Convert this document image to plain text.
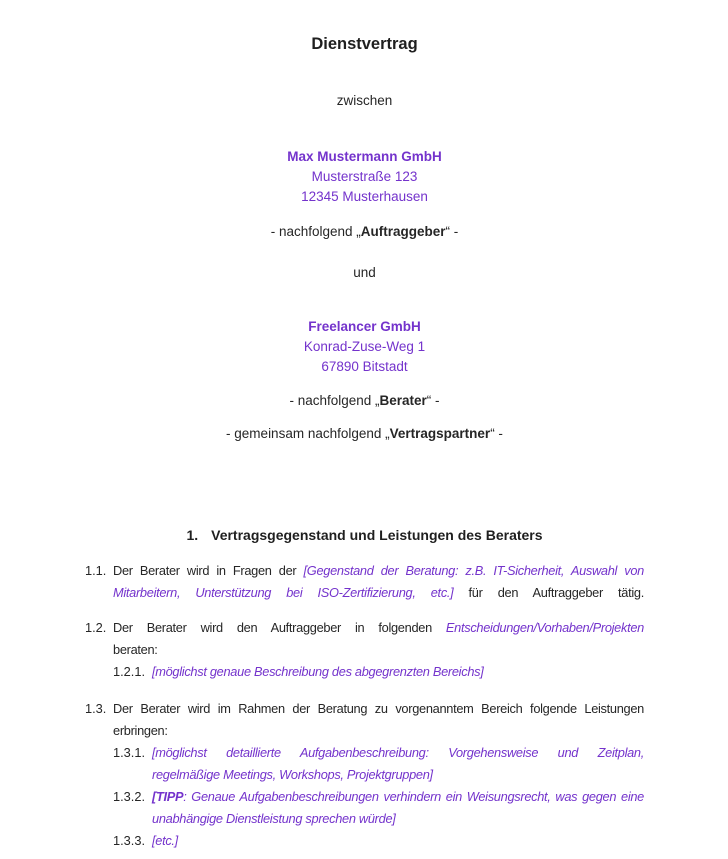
Dienstvertrag
zwischen
Max Mustermann GmbH
Musterstraße 123
12345 Musterhausen
- nachfolgend „Auftraggeber“ -
und
Freelancer GmbH
Konrad-Zuse-Weg 1
67890 Bitstadt
- nachfolgend „Berater“ -
- gemeinsam nachfolgend „Vertragspartner“ -
1. Vertragsgegenstand und Leistungen des Beraters
1.1. Der Berater wird in Fragen der [Gegenstand der Beratung: z.B. IT-Sicherheit, Auswahl von
Mitarbeitern, Unterstützung bei ISO-Zertifizierung, etc.] für den Auftraggeber tätig.
1.2. Der Berater wird den Auftraggeber in folgenden Entscheidungen/Vorhaben/Projekten
beraten:
1.2.1. [möglichst genaue Beschreibung des abgegrenzten Bereichs]
1.3. Der Berater wird im Rahmen der Beratung zu vorgenanntem Bereich folgende Leistungen
erbringen:
1.3.1. [möglichst detaillierte Aufgabenbeschreibung: Vorgehensweise und Zeitplan,
regelmäßige Meetings, Workshops, Projektgruppen]
1.3.2. [TIPP: Genaue Aufgabenbeschreibungen verhindern ein Weisungsrecht, was gegen eine
unabhängige Dienstleistung sprechen würde]
1.3.3. [etc.]
